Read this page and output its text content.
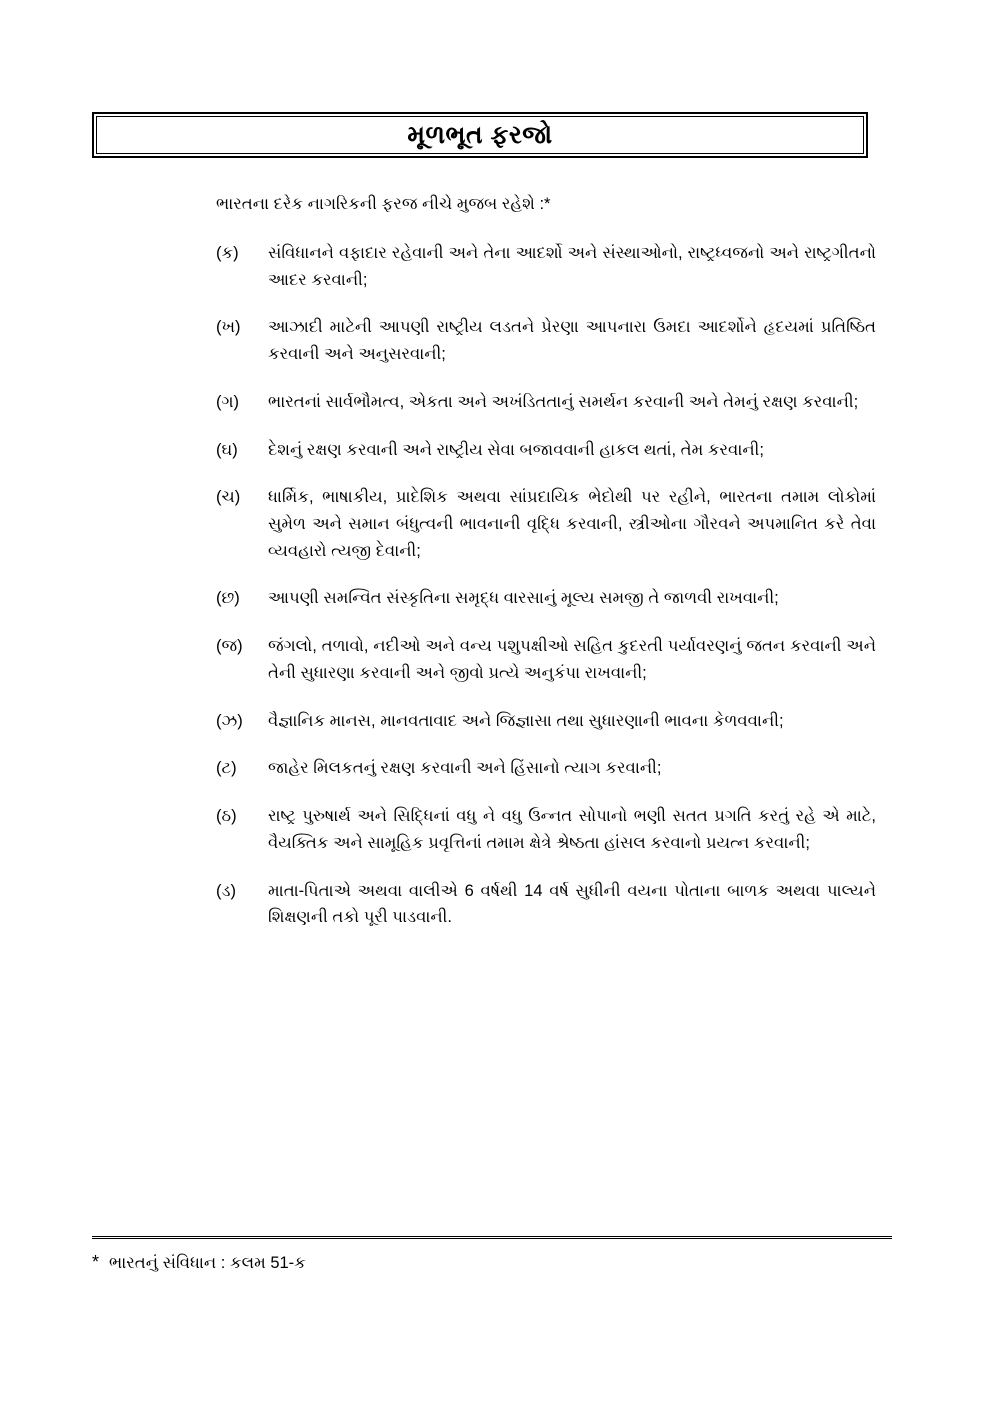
મૂળભૂત ફરજો
ભારતના દરેક નાગરિકની ફરજ નીચે મુજબ રહેશે :*
(ક)	સંવિધાનને વફાદાર રહેવાની અને તેના આદર્શો અને સંસ્થાઓનો, રાષ્ટ્રધ્વજનો અને રાષ્ટ્રગીતનો આદર કરવાની;
(ખ)	આઝાદી માટેની આપણી રાષ્ટ્રીય લડતને પ્રેરણા આપનારા ઉમદા આદર્શોને હૃદયમાં પ્રતિષ્ઠિત કરવાની અને અનુસરવાની;
(ગ)	ભારતનાં સાર્વભૌમત્વ, એકતા અને અખંડિતતાનું સમર્થન કરવાની અને તેમનું રક્ષણ કરવાની;
(ઘ)	દેશનું રક્ષણ કરવાની અને રાષ્ટ્રીય સેવા બજાવવાની હાકલ થતાં, તેમ કરવાની;
(ચ)	ધાર્મિક, ભાષાકીય, પ્રાદેશિક અથવા સાંપ્રદાયિક ભેદોથી પર રહીને, ભારતના તમામ લોકોમાં સુમેળ અને સમાન બંધુત્વની ભાવનાની વૃદ્ધિ કરવાની, સ્ત્રીઓના ગૌરવને અપમાનિત કરે તેવા વ્યવહારો ત્યજી દેવાની;
(છ)	આપણી સમન્વિત સંસ્કૃતિના સમૃદ્ધ વારસાનું મૂલ્ય સમજી તે જાળવી રાખવાની;
(જ)	જંગલો, તળાવો, નદીઓ અને વન્ય પશુપક્ષીઓ સહિત કુદરતી પર્યાવરણનું જતન કરવાની અને તેની સુધારણા કરવાની અને જીવો પ્રત્યે અનુકંપા રાખવાની;
(ઝ)	વૈજ્ઞાનિક માનસ, માનવતાવાદ અને જિજ્ઞાસા તથા સુધારણાની ભાવના કેળવવાની;
(ટ)	જાહેર મિલકતનું રક્ષણ કરવાની અને હિંસાનો ત્યાગ કરવાની;
(ઠ)	રાષ્ટ્ર પુરુષાર્થ અને સિદ્ધિનાં વધુ ને વધુ ઉન્નત સોપાનો ભણી સતત પ્રગતિ કરતું રહે એ માટે, વૈયક્તિક અને સામૂહિક પ્રવૃત્તિનાં તમામ ક્ષેત્રે શ્રેષ્ઠતા હાંસલ કરવાનો પ્રયત્ન કરવાની;
(ડ)	માતા-પિતાએ અથવા વાલીએ 6 વર્ષથી 14 વર્ષ સુધીની વયના પોતાના બાળક અથવા પાલ્યને શિક્ષણની તકો પૂરી પાડવાની.
* ભારતનું સંવિધાન : કલમ 51-ક
